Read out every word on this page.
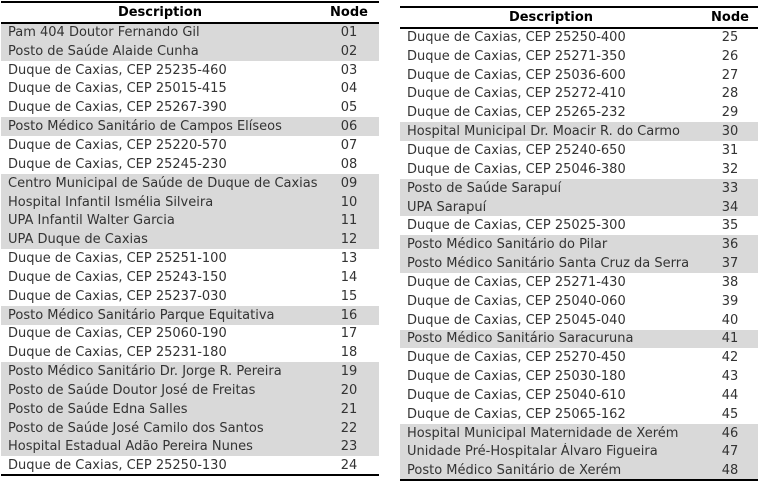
Description	Node
Pam 404 Doutor Fernando Gil	01
Posto de Saúde Alaide Cunha	02
Duque de Caxias, CEP 25235-460	03
Duque de Caxias, CEP 25015-415	04
Duque de Caxias, CEP 25267-390	05
Posto Médico Sanitário de Campos Elíseos	06
Duque de Caxias, CEP 25220-570	07
Duque de Caxias, CEP 25245-230	08
Centro Municipal de Saúde de Duque de Caxias	09
Hospital Infantil Ismélia Silveira	10
UPA Infantil Walter Garcia	11
UPA Duque de Caxias	12
Duque de Caxias, CEP 25251-100	13
Duque de Caxias, CEP 25243-150	14
Duque de Caxias, CEP 25237-030	15
Posto Médico Sanitário Parque Equitativa	16
Duque de Caxias, CEP 25060-190	17
Duque de Caxias, CEP 25231-180	18
Posto Médico Sanitário Dr. Jorge R. Pereira	19
Posto de Saúde Doutor José de Freitas	20
Posto de Saúde Edna Salles	21
Posto de Saúde José Camilo dos Santos	22
Hospital Estadual Adão Pereira Nunes	23
Duque de Caxias, CEP 25250-130	24
Description	Node
Duque de Caxias, CEP 25250-400	25
Duque de Caxias, CEP 25271-350	26
Duque de Caxias, CEP 25036-600	27
Duque de Caxias, CEP 25272-410	28
Duque de Caxias, CEP 25265-232	29
Hospital Municipal Dr. Moacir R. do Carmo	30
Duque de Caxias, CEP 25240-650	31
Duque de Caxias, CEP 25046-380	32
Posto de Saúde Sarapuí	33
UPA Sarapuí	34
Duque de Caxias, CEP 25025-300	35
Posto Médico Sanitário do Pilar	36
Posto Médico Sanitário Santa Cruz da Serra	37
Duque de Caxias, CEP 25271-430	38
Duque de Caxias, CEP 25040-060	39
Duque de Caxias, CEP 25045-040	40
Posto Médico Sanitário Saracuruna	41
Duque de Caxias, CEP 25270-450	42
Duque de Caxias, CEP 25030-180	43
Duque de Caxias, CEP 25040-610	44
Duque de Caxias, CEP 25065-162	45
Hospital Municipal Maternidade de Xerém	46
Unidade Pré-Hospitalar Álvaro Figueira	47
Posto Médico Sanitário de Xerém	48
